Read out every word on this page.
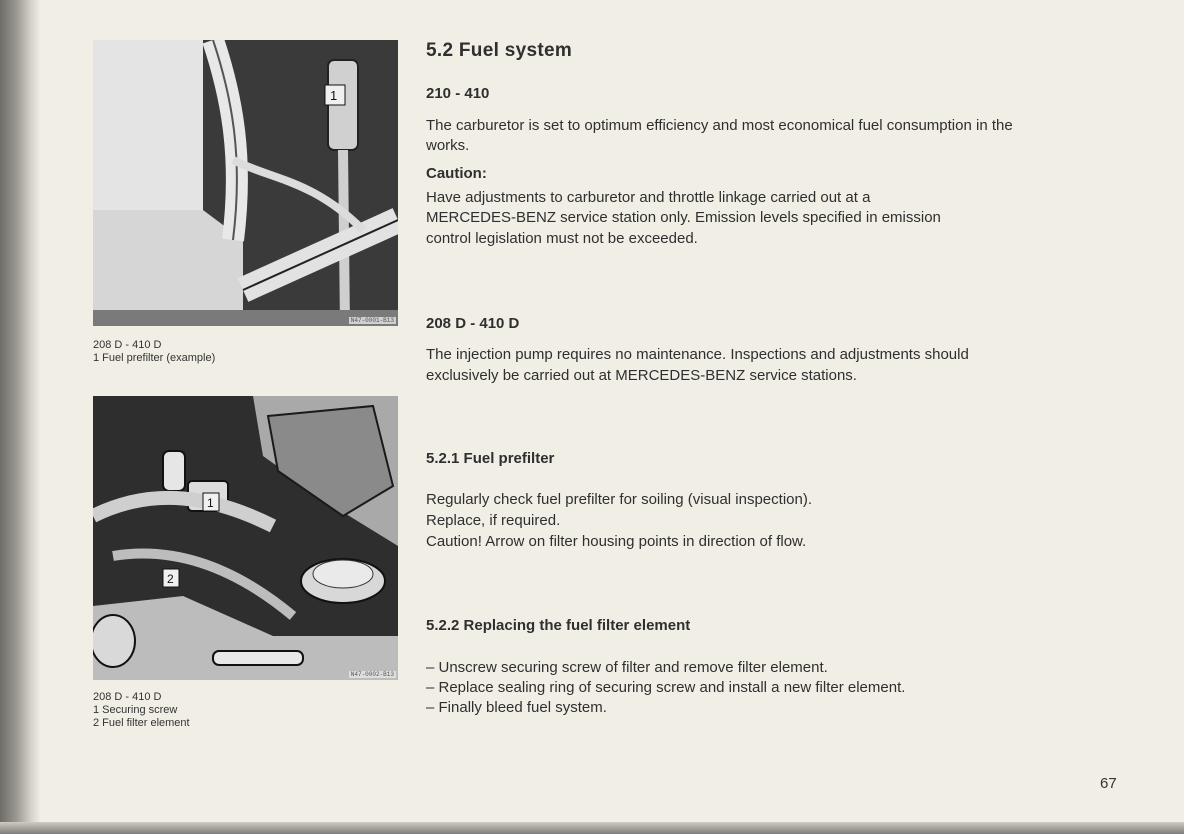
1
N47-0001-B13
208 D - 410 D
1 Fuel prefilter (example)
1
2
N47-0002-B13
208 D - 410 D
1 Securing screw
2 Fuel filter element
5.2 Fuel system
210 - 410
The carburetor is set to optimum efficiency and most economical fuel consumption in the works.
Caution:
Have adjustments to carburetor and throttle linkage carried out at a
MERCEDES-BENZ service station only. Emission levels specified in emission
control legislation must not be exceeded.
208 D - 410 D
The injection pump requires no maintenance. Inspections and adjustments should
exclusively be carried out at MERCEDES-BENZ service stations.
5.2.1 Fuel prefilter
Regularly check fuel prefilter for soiling (visual inspection).
Replace, if required.
Caution! Arrow on filter housing points in direction of flow.
5.2.2 Replacing the fuel filter element
– Unscrew securing screw of filter and remove filter element.
– Replace sealing ring of securing screw and install a new filter element.
– Finally bleed fuel system.
67
